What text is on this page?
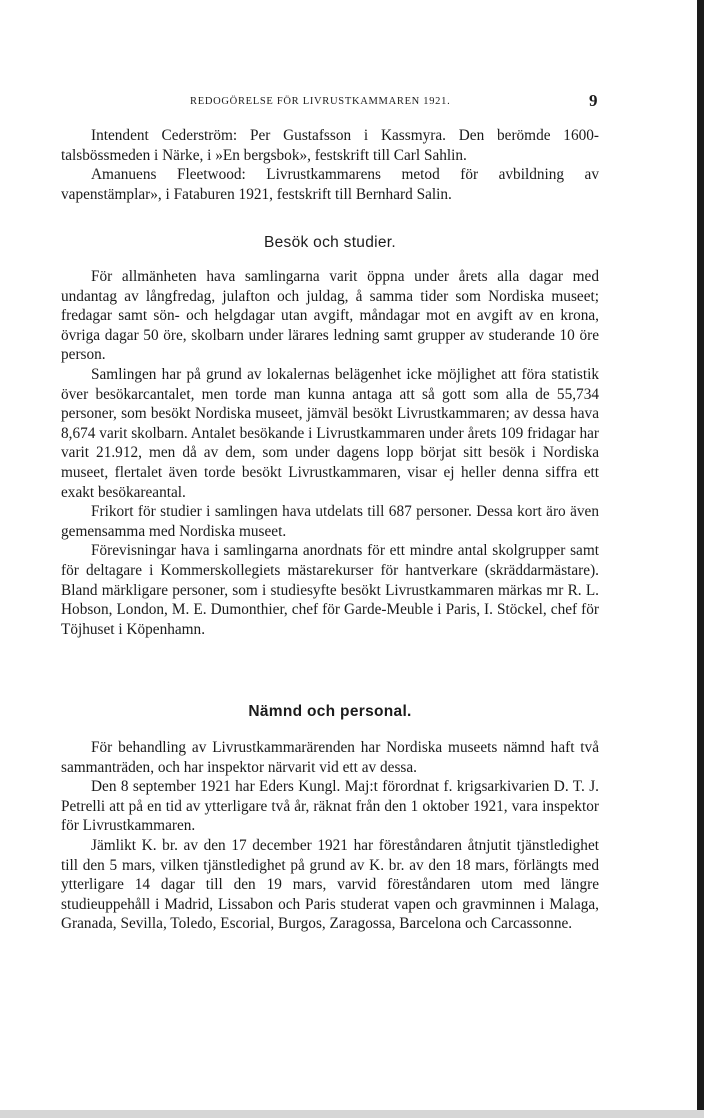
REDOGÖRELSE FÖR LIVRUSTKAMMAREN 1921.	9

Intendent Cederström: Per Gustafsson i Kassmyra. Den berömde 1600-talsbössmeden i Närke, i »En bergsbok», festskrift till Carl Sahlin.

Amanuens Fleetwood: Livrustkammarens metod för avbildning av vapenstämplar», i Fataburen 1921, festskrift till Bernhard Salin.

Besök och studier.

För allmänheten hava samlingarna varit öppna under årets alla dagar med undantag av långfredag, julafton och juldag, å samma tider som Nordiska museet; fredagar samt sön- och helgdagar utan avgift, måndagar mot en avgift av en krona, övriga dagar 50 öre, skolbarn under lärares ledning samt grupper av studerande 10 öre person.

Samlingen har på grund av lokalernas belägenhet icke möjlighet att föra statistik över besökarcantalet, men torde man kunna antaga att så gott som alla de 55,734 personer, som besökt Nordiska museet, jämväl besökt Livrustkammaren; av dessa hava 8,674 varit skolbarn. Antalet besökande i Livrustkammaren under årets 109 fridagar har varit 21.912, men då av dem, som under dagens lopp börjat sitt besök i Nordiska museet, flertalet även torde besökt Livrustkammaren, visar ej heller denna siffra ett exakt besökareantal.

Frikort för studier i samlingen hava utdelats till 687 personer. Dessa kort äro även gemensamma med Nordiska museet.

Förevisningar hava i samlingarna anordnats för ett mindre antal skolgrupper samt för deltagare i Kommerskollegiets mästarekurser för hantverkare (skräddarmästare). Bland märkligare personer, som i studiesyfte besökt Livrustkammaren märkas mr R. L. Hobson, London, M. E. Dumonthier, chef för Garde-Meuble i Paris, I. Stöckel, chef för Töjhuset i Köpenhamn.

Nämnd och personal.

För behandling av Livrustkammarärenden har Nordiska museets nämnd haft två sammanträden, och har inspektor närvarit vid ett av dessa.

Den 8 september 1921 har Eders Kungl. Maj:t förordnat f. krigsarkivarien D. T. J. Petrelli att på en tid av ytterligare två år, räknat från den 1 oktober 1921, vara inspektor för Livrustkammaren.

Jämlikt K. br. av den 17 december 1921 har föreståndaren åtnjutit tjänstledighet till den 5 mars, vilken tjänstledighet på grund av K. br. av den 18 mars, förlängts med ytterligare 14 dagar till den 19 mars, varvid föreståndaren utom med längre studieuppehåll i Madrid, Lissabon och Paris studerat vapen och gravminnen i Malaga, Granada, Sevilla, Toledo, Escorial, Burgos, Zaragossa, Barcelona och Carcassonne.
